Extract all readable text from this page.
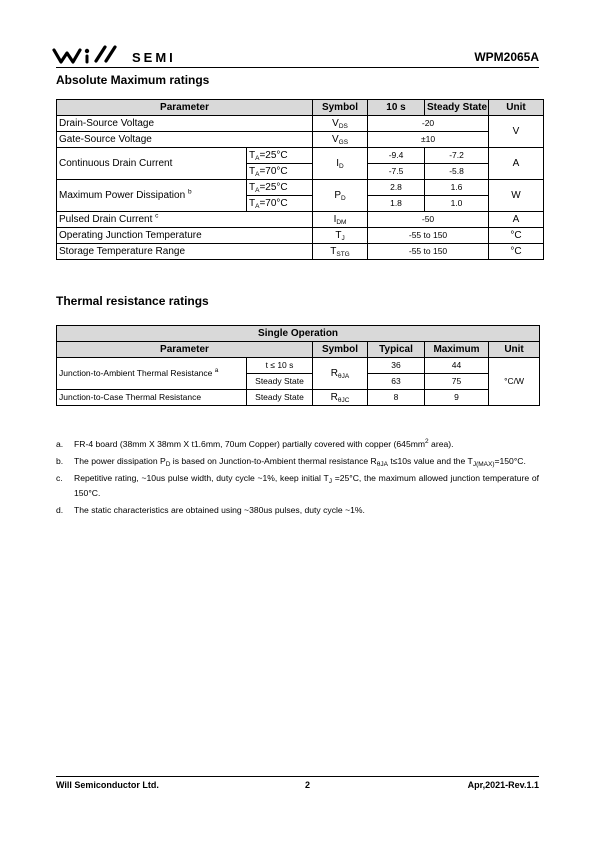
SEMI	WPM2065A
Absolute Maximum ratings
Parameter		Symbol	10 s	Steady State	Unit
Drain-Source Voltage		$V_{DS}$	-20		V
Gate-Source Voltage		$V_{GS}$	±10		
Continuous Drain Current	$T_A=25^\circ C$	$I_D$	-9.4	-7.2	A
	$T_A=70^\circ C$		-7.5	-5.8	
Maximum Power Dissipation $^b$	$T_A=25^\circ C$	$P_D$	2.8	1.6	W
	$T_A=70^\circ C$		1.8	1.0	
Pulsed Drain Current $^c$		$I_{DM}$	-50		A
Operating Junction Temperature		$T_J$	-55 to 150		°C
Storage Temperature Range		$T_{STG}$	-55 to 150		°C
Thermal resistance ratings
Single Operation					
Parameter		Symbol	Typical	Maximum	Unit
Junction-to-Ambient Thermal Resistance $^a$	t ≤ 10 s	$R_{\theta JA}$	36	44	°C/W
	Steady State		63	75	
Junction-to-Case Thermal Resistance	Steady State	$R_{\theta JC}$	8	9	
a. FR-4 board (38mm X 38mm X t1.6mm, 70um Copper) partially covered with copper ($645mm^2$ area).
b. The power dissipation $P_D$ is based on Junction-to-Ambient thermal resistance $R_{\theta JA}$ t≤10s value and the $T_{J(MAX)}=150^\circ C$.
c. Repetitive rating, ~10us pulse width, duty cycle ~1%, keep initial $T_J =25^\circ C$, the maximum allowed junction temperature of 150°C.
d. The static characteristics are obtained using ~380us pulses, duty cycle ~1%.
Will Semiconductor Ltd.	2	Apr,2021-Rev.1.1
